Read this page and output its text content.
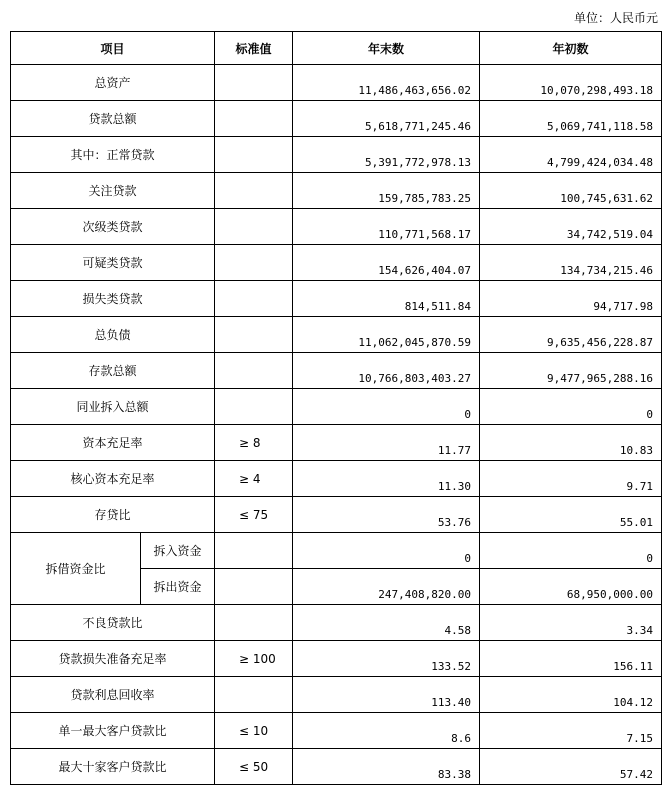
单位：人民币元
项目		标准值	年末数	年初数
总资产			11,486,463,656.02	10,070,298,493.18
贷款总额			5,618,771,245.46	5,069,741,118.58
其中：正常贷款			5,391,772,978.13	4,799,424,034.48
关注贷款			159,785,783.25	100,745,631.62
次级类贷款			110,771,568.17	34,742,519.04
可疑类贷款			154,626,404.07	134,734,215.46
损失类贷款			814,511.84	94,717.98
总负债			11,062,045,870.59	9,635,456,228.87
存款总额			10,766,803,403.27	9,477,965,288.16
同业拆入总额			0	0
资本充足率		≥ 8	11.77	10.83
核心资本充足率		≥ 4	11.30	9.71
存贷比		≤ 75	53.76	55.01
拆借资金比	拆入资金		0	0
	拆出资金		247,408,820.00	68,950,000.00
不良贷款比			4.58	3.34
贷款损失准备充足率		≥ 100	133.52	156.11
贷款利息回收率			113.40	104.12
单一最大客户贷款比		≤ 10	8.6	7.15
最大十家客户贷款比		≤ 50	83.38	57.42
